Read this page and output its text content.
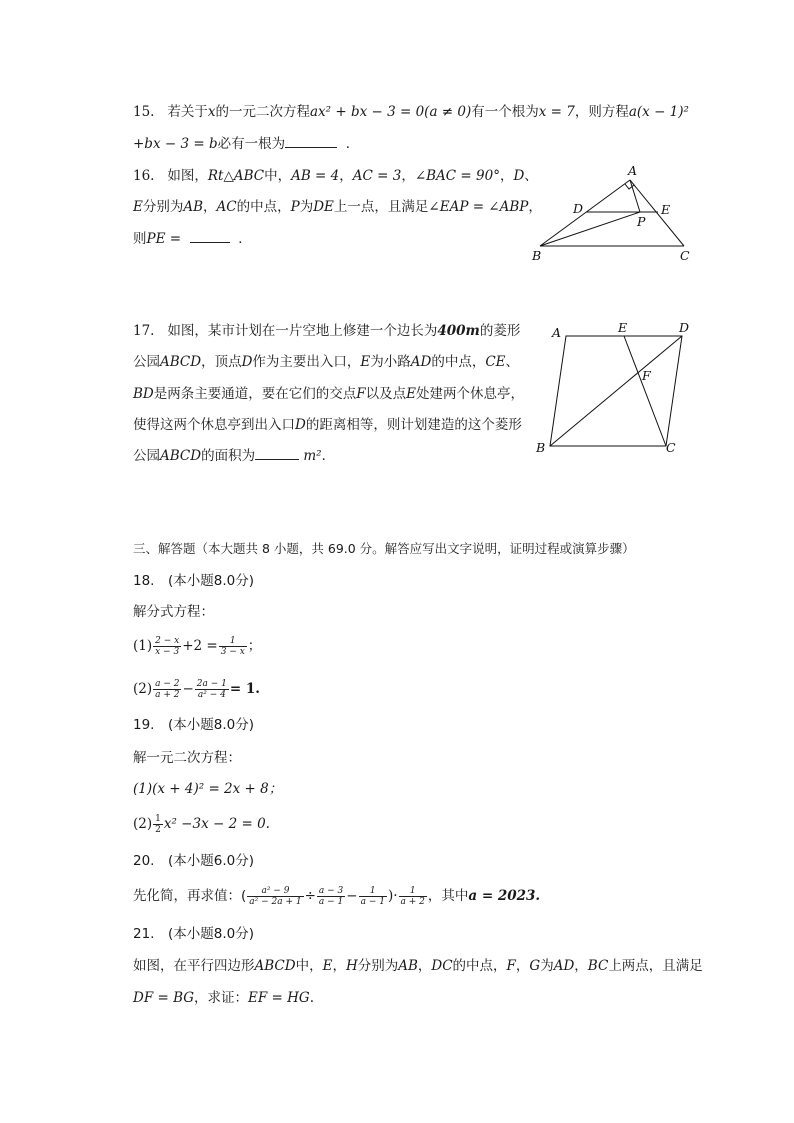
15. 若关于x的一元二次方程ax² + bx − 3 = 0(a ≠ 0)有一个根为x = 7，则方程a(x − 1)²
+bx − 3 = b必有一根为	．
16. 如图，Rt△ABC中，AB = 4，AC = 3，∠BAC = 90°，D、
E分别为AB，AC的中点，P为DE上一点，且满足∠EAP = ∠ABP，
则PE =	．
A
D	E
P
B	C
17. 如图，某市计划在一片空地上修建一个边长为400m的菱形
公园ABCD，顶点D作为主要出入口，E为小路AD的中点，CE、
BD是两条主要通道，要在它们的交点F以及点E处建两个休息亭，
使得这两个休息亭到出入口D的距离相等，则计划建造的这个菱形
公园ABCD的面积为	m²．
A	E	D
F
B	C
三、解答题（本大题共 8 小题，共 69.0 分。解答应写出文字说明，证明过程或演算步骤）
18.　(本小题8.0分)
解分式方程：
$(1) \frac{2 - x}{x - 3} +2 = \frac{1}{3 - x}$ ；
$(2) \frac{a - 2}{a + 2} - \frac{2a - 1}{\text{a² − 4}} = 1$.
19.　(本小题8.0分)
解一元二次方程：
(1)(x + 4)² = 2x + 8；
$(2) \frac{1}{2} x^2 -3x - 2 = 0$.
20.　(本小题6.0分)
先化简，再求值：( $\frac{\text{a² − 9}}{\text{a² − 2a + 1}} \div \frac{a - 3}{a - 1} - \frac{1}{a - 1}$ )· $\frac{1}{a + 2}$ ，其中a = 2023.
21.　(本小题8.0分)
如图，在平行四边形ABCD中，E，H分别为AB，DC的中点，F，G为AD，BC上两点，且满足
DF = BG，求证：EF = HG.
